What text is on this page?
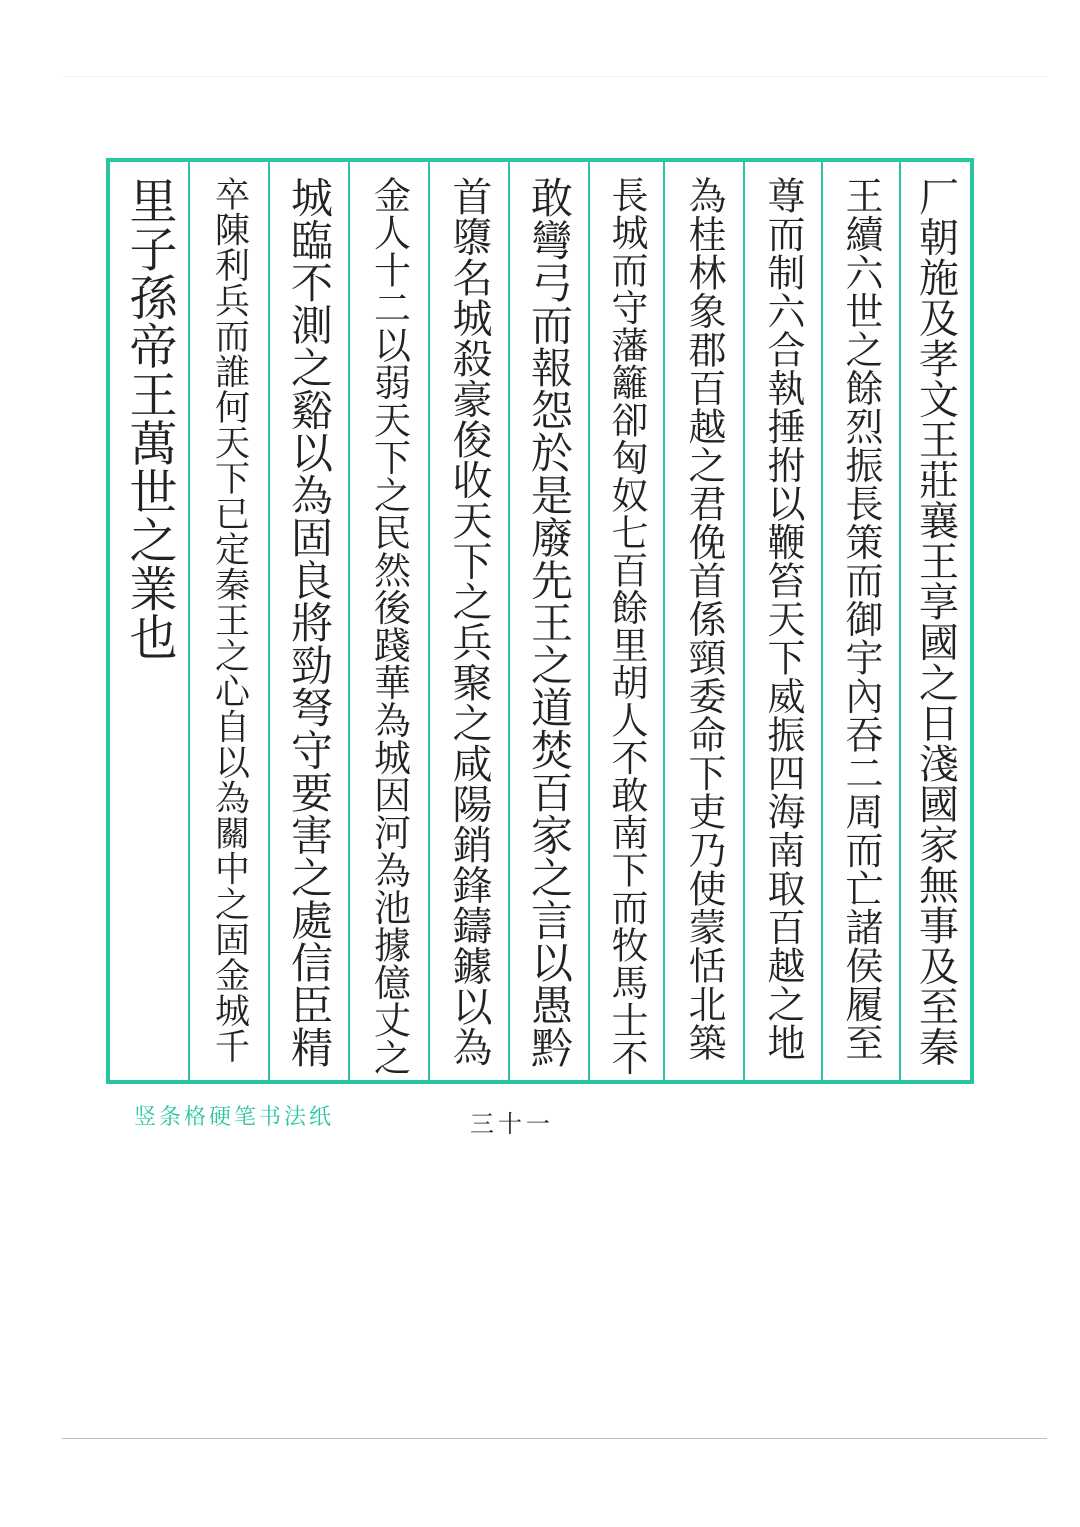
里子孫帝王萬世之業也 卒陳利兵而誰何天下已定秦王之心自以為關中之固金城千 城臨不測之谿以為固良將勁弩守要害之處信臣精 金人十二以弱天下之民然後踐華為城因河為池據億丈之 首隳名城殺豪俊收天下之兵聚之咸陽銷鋒鑄鐻以為 敢彎弓而報怨於是廢先王之道焚百家之言以愚黔 長城而守藩籬卻匈奴七百餘里胡人不敢南下而牧馬士不 為桂林象郡百越之君俛首係頸委命下吏乃使蒙恬北築 尊而制六合執捶拊以鞭笞天下威振四海南取百越之地 王續六世之餘烈振長策而御宇內吞二周而亡諸侯履至 厂朝施及孝文王莊襄王享國之日淺國家無事及至秦
竖条格硬笔书法纸	三十一
